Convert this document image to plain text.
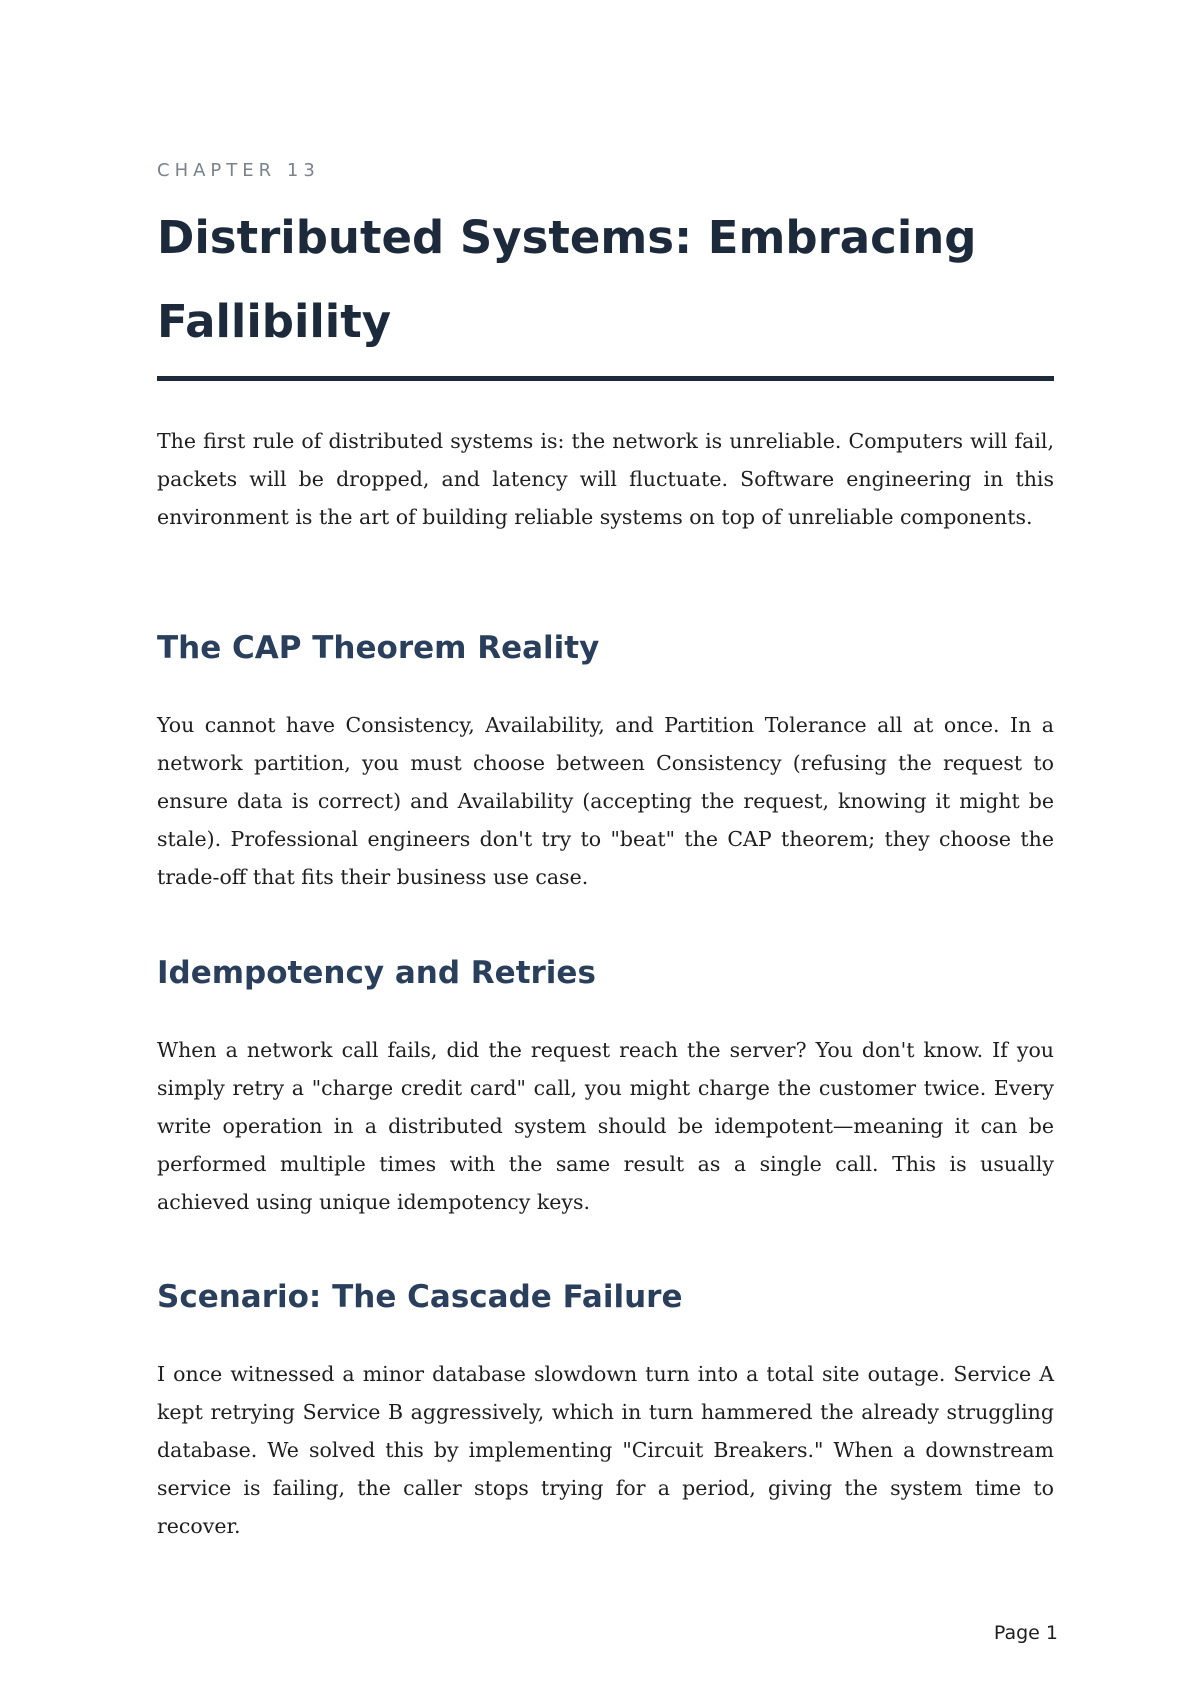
CHAPTER 13

Distributed Systems: Embracing Fallibility

The first rule of distributed systems is: the network is unreliable. Computers will fail, packets will be dropped, and latency will fluctuate. Software engineering in this environment is the art of building reliable systems on top of unreliable components.

The CAP Theorem Reality

You cannot have Consistency, Availability, and Partition Tolerance all at once. In a network partition, you must choose between Consistency (refusing the request to ensure data is correct) and Availability (accepting the request, knowing it might be stale). Professional engineers don't try to "beat" the CAP theorem; they choose the trade-off that fits their business use case.

Idempotency and Retries

When a network call fails, did the request reach the server? You don't know. If you simply retry a "charge credit card" call, you might charge the customer twice. Every write operation in a distributed system should be idempotent—meaning it can be performed multiple times with the same result as a single call. This is usually achieved using unique idempotency keys.

Scenario: The Cascade Failure

I once witnessed a minor database slowdown turn into a total site outage. Service A kept retrying Service B aggressively, which in turn hammered the already struggling database. We solved this by implementing "Circuit Breakers." When a downstream service is failing, the caller stops trying for a period, giving the system time to recover.

Page 1
